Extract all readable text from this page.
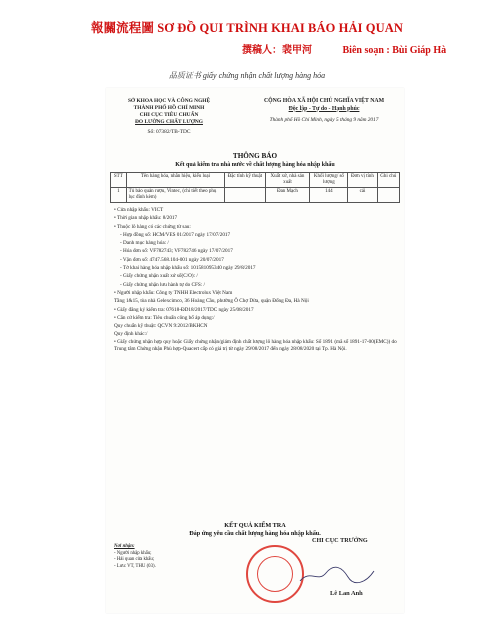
報關流程圖 SƠ ĐỒ QUI TRÌNH KHAI BÁO HẢI QUAN
撰稿人：裴甲河	Biên soạn : Bùi Giáp Hà
品质证书 giấy chứng nhận chất lượng hàng hóa
SỞ KHOA HỌC VÀ CÔNG NGHỆ
THÀNH PHỐ HỒ CHÍ MINH
CHI CỤC TIÊU CHUẨN
ĐO LƯỜNG CHẤT LƯỢNG
Số: 07382/TB-TDC
CỘNG HÒA XÃ HỘI CHỦ NGHĨA VIỆT NAM
Độc lập - Tự do - Hạnh phúc
Thành phố Hồ Chí Minh, ngày 5 tháng 9 năm 2017
THÔNG BÁO
Kết quả kiểm tra nhà nước về chất lượng hàng hóa nhập khẩu
STT	Tên hàng hóa, nhãn hiệu, kiểu loại	Đặc tính kỹ thuật	Xuất xứ, nhà sản xuất	Khối lượng/ số lượng	Đơn vị tính	Ghi chú
1	Tủ bảo quản rượu, Vintec, (chi tiết theo phụ lục đính kèm)		Đan Mạch	144	cái	
• Cửa nhập khẩu: VICT
• Thời gian nhập khẩu: 8/2017
• Thuộc lô hàng có các chứng từ sau:
- Hợp đồng số: HCM/VES 01/2017 ngày 17/07/2017
- Danh mục hàng hóa: /
- Hóa đơn số: VF782743; VF782746 ngày 17/07/2017
- Vận đơn số: 4747.568.104-001 ngày 20/07/2017
- Tờ khai hàng hóa nhập khẩu số: 101581095340 ngày 29/8/2017
- Giấy chứng nhận xuất xứ số(C/O): /
- Giấy chứng nhận lưu hành tự do CFS: /
• Người nhập khẩu: Công ty TNHH Electrolux Việt Nam
Tầng 1&15, tòa nhà Gelexcimco, 36 Hoàng Cầu, phường Ô Chợ Dừa, quận Đống Đa, Hà Nội
• Giấy đăng ký kiểm tra: 07618-ĐD18/2017/TDC ngày 25/08/2017
• Căn cứ kiểm tra: Tiêu chuẩn công bố áp dụng:/
Quy chuẩn kỹ thuật: QCVN 9:2012/BKHCN
Quy định khác:/
• Giấy chứng nhận hợp quy hoặc Giấy chứng nhận/giám định chất lượng lô hàng hóa nhập khẩu: Số 1891 (mã số 1891-17-00(EMC)) do Trung tâm Chứng nhận Phù hợp-Quacert cấp có giá trị từ ngày 29/08/2017 đến ngày 28/08/2020 tại Tp. Hà Nội.
KẾT QUẢ KIỂM TRA
Đáp ứng yêu cầu chất lượng hàng hóa nhập khẩu.
Nơi nhận:
- Người nhập khẩu;
- Hải quan cửa khẩu;
- Lưu: VT, THU (03).
CHI CỤC TRƯỞNG
Lê Lan Anh
